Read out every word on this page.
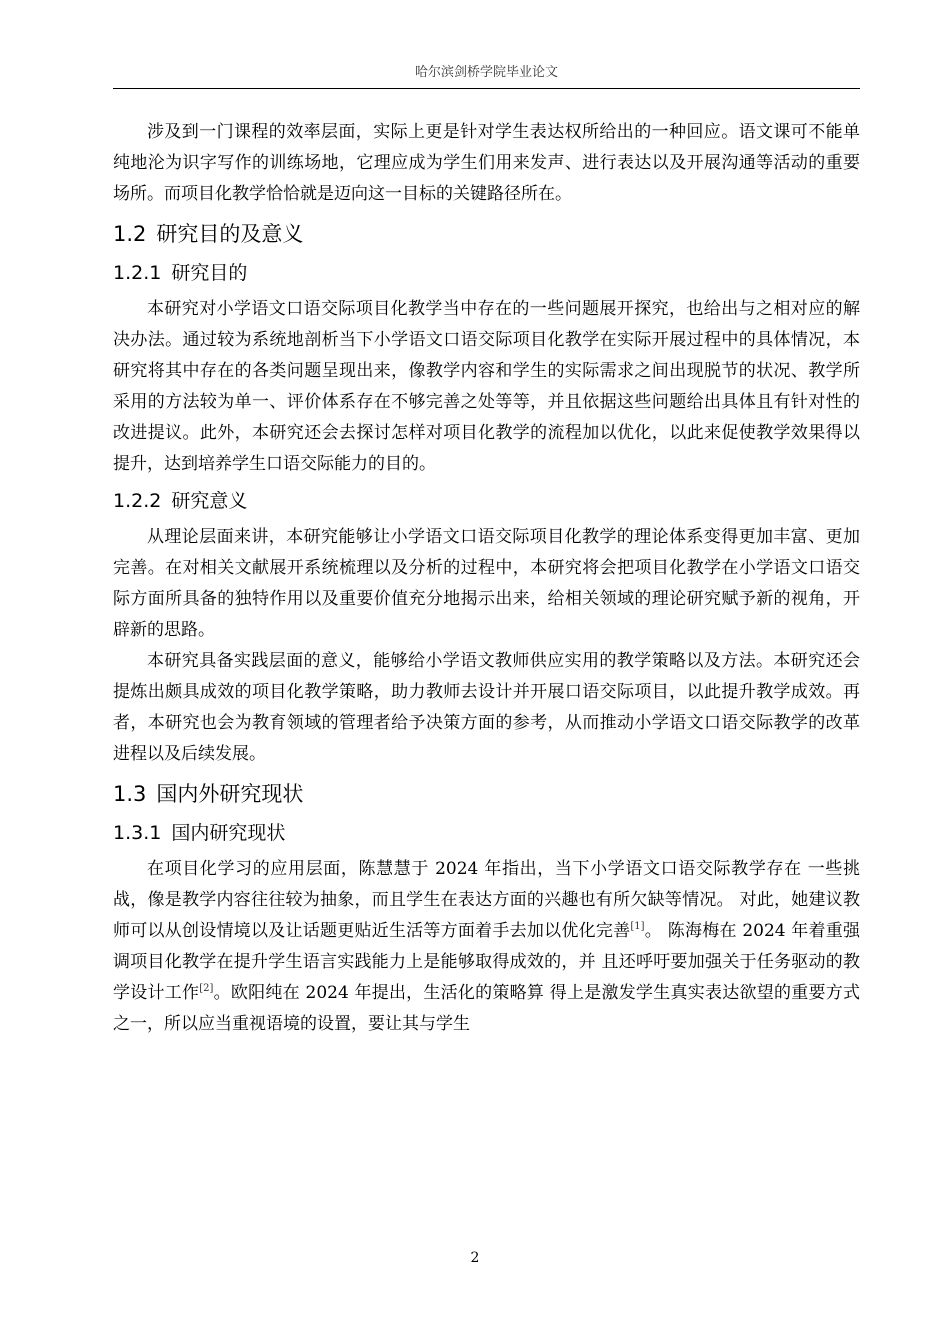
哈尔滨剑桥学院毕业论文

涉及到一门课程的效率层面，实际上更是针对学生表达权所给出的一种回应。语文课可不能单纯地沦为识字写作的训练场地，它理应成为学生们用来发声、进行表达以及开展沟通等活动的重要场所。而项目化教学恰恰就是迈向这一目标的关键路径所在。

1.2 研究目的及意义
1.2.1 研究目的

本研究对小学语文口语交际项目化教学当中存在的一些问题展开探究，也给出与之相对应的解决办法。通过较为系统地剖析当下小学语文口语交际项目化教学在实际开展过程中的具体情况，本研究将其中存在的各类问题呈现出来，像教学内容和学生的实际需求之间出现脱节的状况、教学所采用的方法较为单一、评价体系存在不够完善之处等等，并且依据这些问题给出具体且有针对性的改进提议。此外，本研究还会去探讨怎样对项目化教学的流程加以优化，以此来促使教学效果得以提升，达到培养学生口语交际能力的目的。

1.2.2 研究意义

从理论层面来讲，本研究能够让小学语文口语交际项目化教学的理论体系变得更加丰富、更加完善。在对相关文献展开系统梳理以及分析的过程中，本研究将会把项目化教学在小学语文口语交际方面所具备的独特作用以及重要价值充分地揭示出来，给相关领域的理论研究赋予新的视角，开辟新的思路。

本研究具备实践层面的意义，能够给小学语文教师供应实用的教学策略以及方法。本研究还会提炼出颇具成效的项目化教学策略，助力教师去设计并开展口语交际项目，以此提升教学成效。再者，本研究也会为教育领域的管理者给予决策方面的参考，从而推动小学语文口语交际教学的改革进程以及后续发展。

1.3 国内外研究现状
1.3.1 国内研究现状

在项目化学习的应用层面，陈慧慧于 2024 年指出，当下小学语文口语交际教学存在 一些挑战，像是教学内容往往较为抽象，而且学生在表达方面的兴趣也有所欠缺等情况。 对此，她建议教师可以从创设情境以及让话题更贴近生活等方面着手去加以优化完善[1]。 陈海梅在 2024 年着重强调项目化教学在提升学生语言实践能力上是能够取得成效的，并 且还呼吁要加强关于任务驱动的教学设计工作[2]。欧阳纯在 2024 年提出，生活化的策略算 得上是激发学生真实表达欲望的重要方式之一，所以应当重视语境的设置，要让其与学生

2
